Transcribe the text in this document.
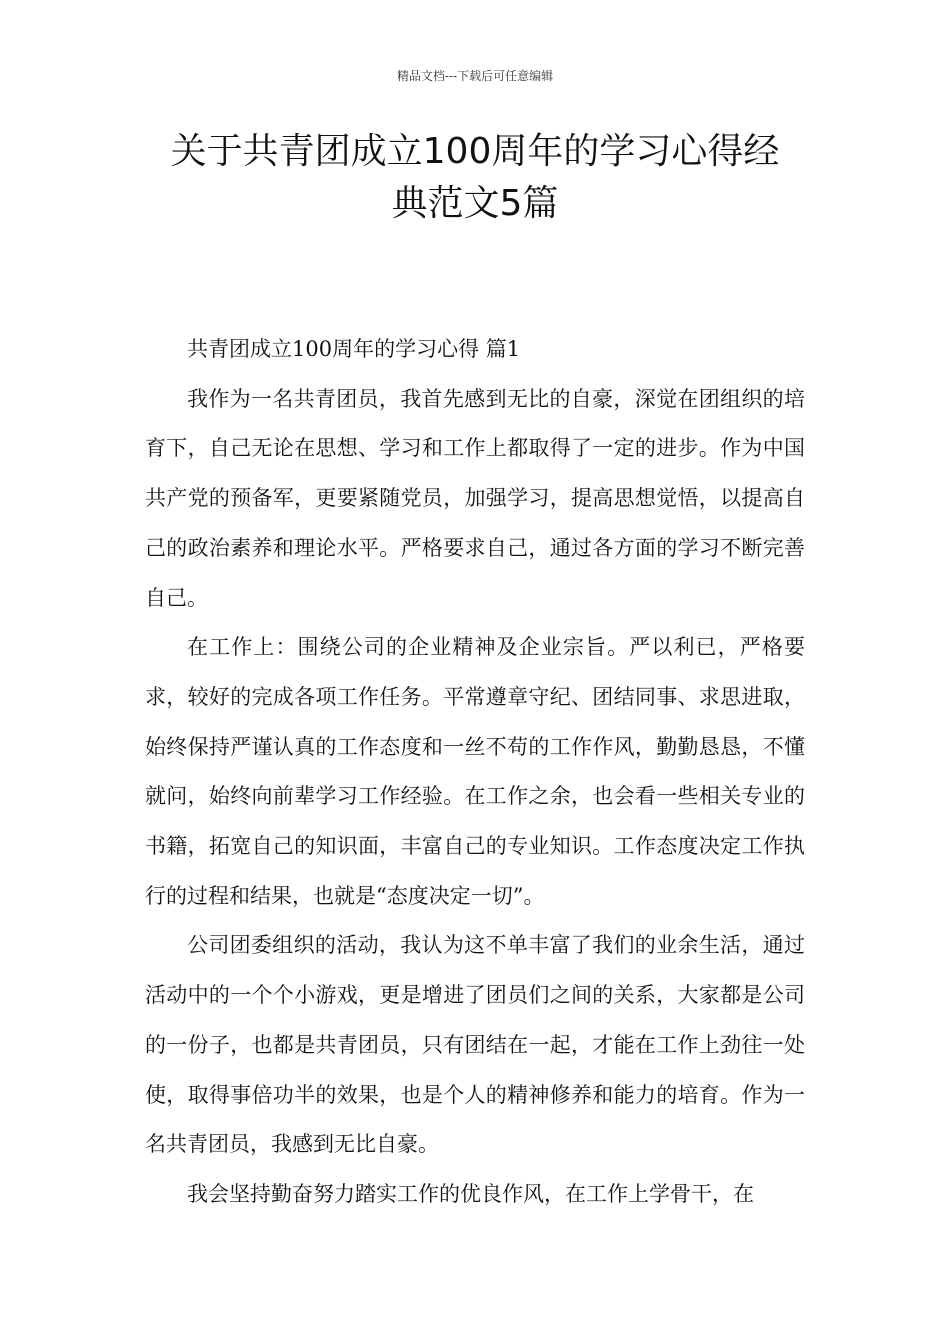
精品文档---下载后可任意编辑
关于共青团成立100周年的学习心得经
典范文5篇

共青团成立100周年的学习心得 篇1

我作为一名共青团员，我首先感到无比的自豪，深觉在团组织的培育下，自己无论在思想、学习和工作上都取得了一定的进步。作为中国共产党的预备军，更要紧随党员，加强学习，提高思想觉悟，以提高自己的政治素养和理论水平。严格要求自己，通过各方面的学习不断完善自己。

在工作上：围绕公司的企业精神及企业宗旨。严以利已，严格要求，较好的完成各项工作任务。平常遵章守纪、团结同事、求思进取，始终保持严谨认真的工作态度和一丝不苟的工作作风，勤勤恳恳，不懂就问，始终向前辈学习工作经验。在工作之余，也会看一些相关专业的书籍，拓宽自己的知识面，丰富自己的专业知识。工作态度决定工作执行的过程和结果，也就是“态度决定一切”。

公司团委组织的活动，我认为这不单丰富了我们的业余生活，通过活动中的一个个小游戏，更是增进了团员们之间的关系，大家都是公司的一份子，也都是共青团员，只有团结在一起，才能在工作上劲往一处使，取得事倍功半的效果，也是个人的精神修养和能力的培育。作为一名共青团员，我感到无比自豪。

我会坚持勤奋努力踏实工作的优良作风，在工作上学骨干，在
